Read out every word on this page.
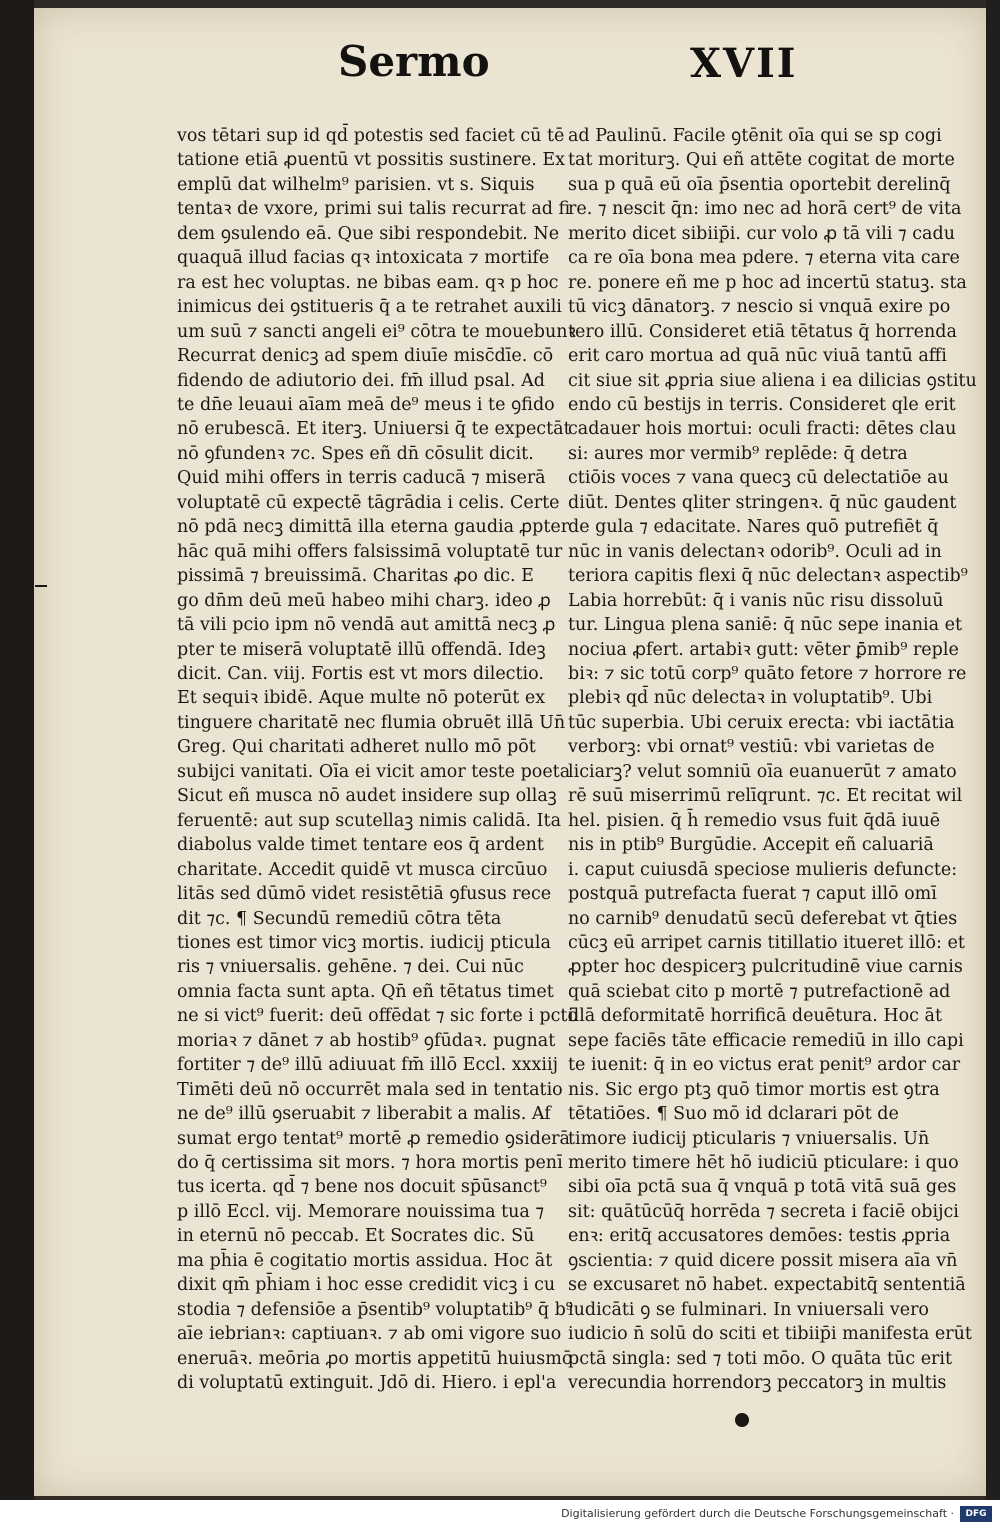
Sermo	XVII
vos tētari sup id qd̄ potestis sed faciet cū tē
tatione etiā ꝓuentū vt possitis sustinere. Ex
emplū dat wilhelm⁹ parisien. vt s. Siquis
tentaꝛ de vxore, primi sui talis recurrat ad fi
dem ꝯsulendo eā. Que sibi respondebit. Ne
quaquā illud facias qꝛ intoxicata ⁊ mortife
ra est hec voluptas. ne bibas eam. qꝛ p hoc
inimicus dei ꝯstitueris q̄ a te retrahet auxili
um suū ⁊ sancti angeli ei⁹ cōtra te mouebunꝛ
Recurrat denicꝫ ad spem diuīe misc̄dīe. cō
fidendo de adiutorio dei. fm̄ illud psal. Ad
te dn̄e leuaui aīam meā de⁹ meus i te ꝯfido
nō erubescā. Et iterꝫ. Uniuersi q̄ te expectāt
nō ꝯfundenꝛ ⁊c. Spes eñ dn̄ cōsulit dicit.
Quid mihi offers in terris caducā ⁊ miserā
voluptatē cū expectē tāgrādia i celis. Certe
nō pdā necꝫ dimittā illa eterna gaudia ꝓpter
hāc quā mihi offers falsissimā voluptatē tur
pissimā ⁊ breuissimā. Charitas ꝓo dic. E
go dn̄m deū meū habeo mihi charꝫ. ideo ꝓ
tā vili pcio ipm nō vendā aut amittā necꝫ ꝓ
pter te miserā voluptatē illū offendā. Ideꝫ
dicit. Can. viij. Fortis est vt mors dilectio.
Et sequiꝛ ibidē. Aque multe nō poterūt ex
tinguere charitatē nec flumia obruēt illā Un̄
Greg. Qui charitati adheret nullo mō pōt
subijci vanitati. Oīa ei vicit amor teste poeta
Sicut eñ musca nō audet insidere sup ollaꝫ
feruentē: aut sup scutellaꝫ nimis calidā. Ita
diabolus valde timet tentare eos q̄ ardent
charitate. Accedit quidē vt musca circūuo
litās sed dūmō videt resistētiā ꝯfusus rece
dit ⁊c. ¶ Secundū remediū cōtra tēta
tiones est timor vicꝫ mortis. iudicij pticula
ris ⁊ vniuersalis. gehēne. ⁊ dei. Cui nūc
omnia facta sunt apta. Qn̄ eñ tētatus timet
ne si vict⁹ fuerit: deū offēdat ⁊ sic forte i pctō
moriaꝛ ⁊ dānet ⁊ ab hostib⁹ ꝯfūdaꝛ. pugnat
fortiter ⁊ de⁹ illū adiuuat fm̄ illō Eccl. xxxiij
Timēti deū nō occurrēt mala sed in tentatio
ne de⁹ illū ꝯseruabit ⁊ liberabit a malis. Af
sumat ergo tentat⁹ mortē ꝓ remedio ꝯsiderā
do q̄ certissima sit mors. ⁊ hora mortis penī
tus icerta. qd̄ ⁊ bene nos docuit sp̄ūsanct⁹
p illō Eccl. vij. Memorare nouissima tua ⁊
in eternū nō peccab. Et Socrates dic. Sū
ma ph̄ia ē cogitatio mortis assidua. Hoc āt
dixit qm̄ ph̄iam i hoc esse credidit vicꝫ i cu
stodia ⁊ defensiōe a p̄sentib⁹ voluptatib⁹ q̄ b⁹
aīe iebrianꝛ: captiuanꝛ. ⁊ ab omi vigore suo
eneruāꝛ. meōria ꝓo mortis appetitū huiusmō
di voluptatū extinguit. Jdō di. Hiero. i epl'a
ad Paulinū. Facile ꝯtēnit oīa qui se sp cogi
tat moriturꝫ. Qui eñ attēte cogitat de morte
sua p quā eū oīa p̄sentia oportebit derelinq̄
re. ⁊ nescit q̄n: imo nec ad horā cert⁹ de vita
merito dicet sibiip̄i. cur volo ꝓ tā vili ⁊ cadu
ca re oīa bona mea pdere. ⁊ eterna vita care
re. ponere eñ me p hoc ad incertū statuꝫ. sta
tū vicꝫ dānatorꝫ. ⁊ nescio si vnquā exire po
tero illū. Consideret etiā tētatus q̄ horrenda
erit caro mortua ad quā nūc viuā tantū affi
cit siue sit ꝓpria siue aliena i ea dilicias ꝯstitu
endo cū bestijs in terris. Consideret qle erit
cadauer hois mortui: oculi fracti: dētes clau
si: aures mor vermib⁹ replēde: q̄ detra
ctiōis voces ⁊ vana quecꝫ cū delectatiōe au
diūt. Dentes qliter stringenꝛ. q̄ nūc gaudent
de gula ⁊ edacitate. Nares quō putrefiēt q̄
nūc in vanis delectanꝛ odorib⁹. Oculi ad in
teriora capitis flexi q̄ nūc delectanꝛ aspectib⁹
Labia horrebūt: q̄ i vanis nūc risu dissoluū
tur. Lingua plena saniē: q̄ nūc sepe inania et
nociua ꝓfert. artabiꝛ gutt: vēter ꝑ̄mib⁹ reple
biꝛ: ⁊ sic totū corp⁹ quāto fetore ⁊ horrore re
plebiꝛ qd̄ nūc delectaꝛ in voluptatib⁹. Ubi
tūc superbia. Ubi ceruix erecta: vbi iactātia
verborꝫ: vbi ornat⁹ vestiū: vbi varietas de
liciarꝫ? velut somniū oīa euanuerūt ⁊ amato
rē suū miserrimū relīqrunt. ⁊c. Et recitat wil
hel. pisien. q̄ h̄ remedio vsus fuit q̄dā iuuē
nis in ptib⁹ Burgūdie. Accepit eñ caluariā
i. caput cuiusdā speciose mulieris defuncte:
postquā putrefacta fuerat ⁊ caput illō omī
no carnib⁹ denudatū secū deferebat vt q̄ties
cūcꝫ eū arripet carnis titillatio itueret illō: et
ꝓpter hoc despicerꝫ pulcritudinē viue carnis
quā sciebat cito p mortē ⁊ putrefactionē ad
illā deformitatē horrificā deuētura. Hoc āt
sepe faciēs tāte efficacie remediū in illo capi
te iuenit: q̄ in eo victus erat penit⁹ ardor car
nis. Sic ergo ptꝫ quō timor mortis est ꝯtra
tētatiōes. ¶ Suo mō id dclarari pōt de
timore iudicij pticularis ⁊ vniuersalis. Un̄
merito timere hēt hō iudiciū pticulare: i quo
sibi oīa pctā sua q̄ vnquā p totā vitā suā ges
sit: quātūcūq̄ horrēda ⁊ secreta i faciē obijci
enꝛ: eritq̄ accusatores demōes: testis ꝓpria
ꝯscientia: ⁊ quid dicere possit misera aīa vn̄
se excusaret nō habet. expectabitq̄ sententiā
iudicāti ꝯ se fulminari. In vniuersali vero
iudicio n̄ solū do sciti et tibiip̄i manifesta erūt
pctā singla: sed ⁊ toti mōo. O quāta tūc erit
verecundia horrendorꝫ peccatorꝫ in multis
Digitalisierung gefördert durch die Deutsche Forschungsgemeinschaft ·	DFG
